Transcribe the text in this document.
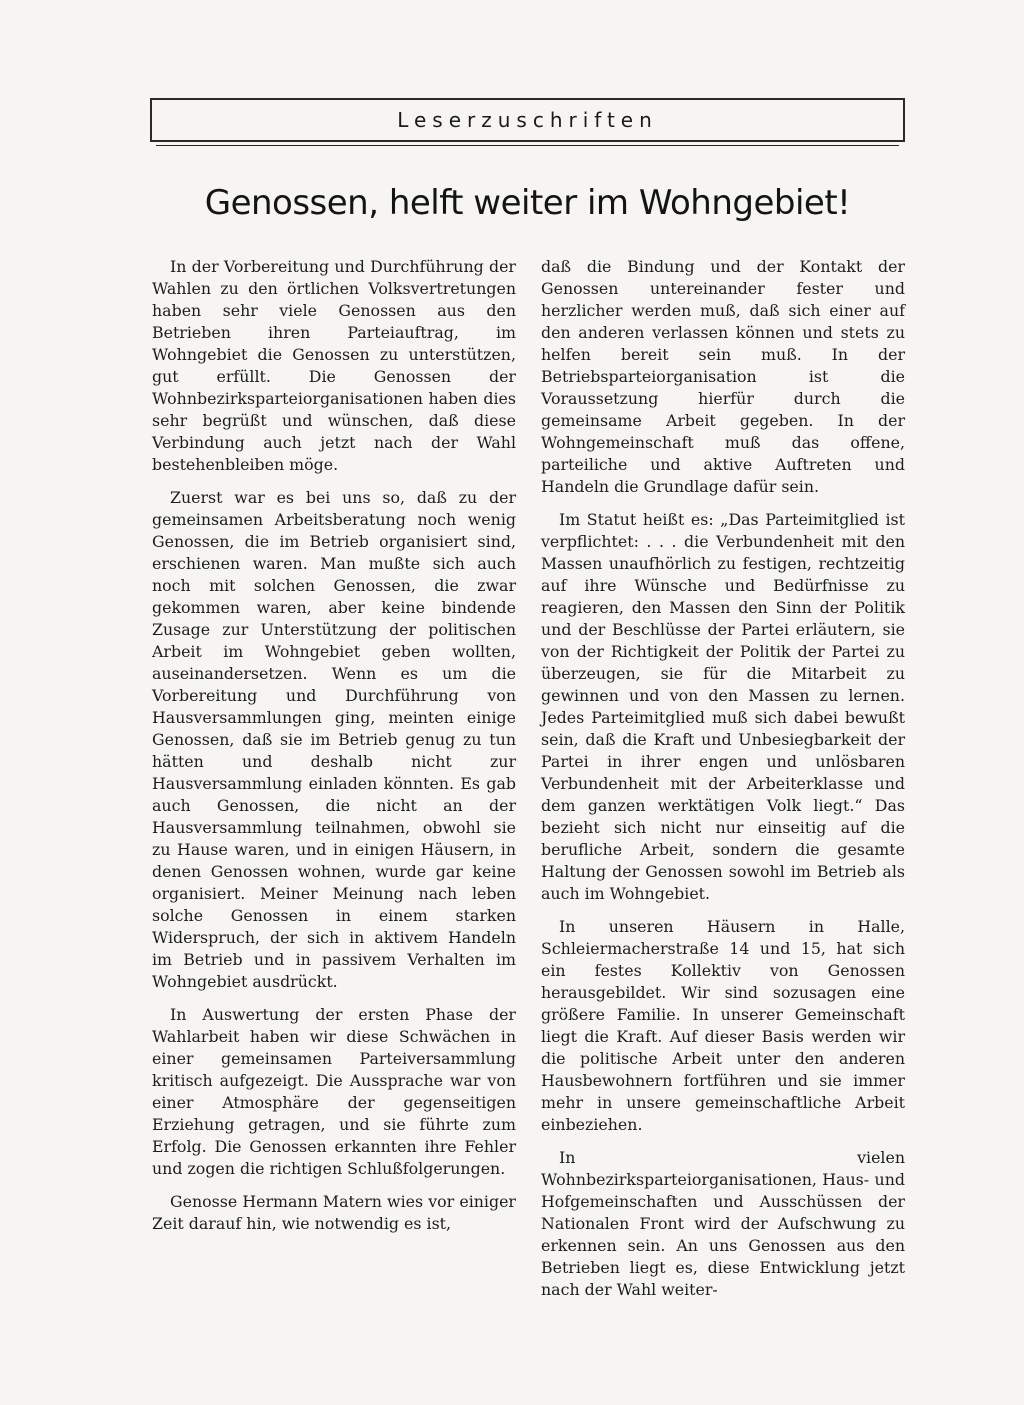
Leserzuschriften
Genossen, helft weiter im Wohngebiet!

In der Vorbereitung und Durchführung der Wahlen zu den örtlichen Volksvertretungen haben sehr viele Genossen aus den Betrieben ihren Parteiauftrag, im Wohngebiet die Genossen zu unterstützen, gut erfüllt. Die Genossen der Wohnbezirksparteiorganisationen haben dies sehr begrüßt und wünschen, daß diese Verbindung auch jetzt nach der Wahl bestehenbleiben möge.

Zuerst war es bei uns so, daß zu der gemeinsamen Arbeitsberatung noch wenig Genossen, die im Betrieb organisiert sind, erschienen waren. Man mußte sich auch noch mit solchen Genossen, die zwar gekommen waren, aber keine bindende Zusage zur Unterstützung der politischen Arbeit im Wohngebiet geben wollten, auseinandersetzen. Wenn es um die Vorbereitung und Durchführung von Hausversammlungen ging, meinten einige Genossen, daß sie im Betrieb genug zu tun hätten und deshalb nicht zur Hausversammlung einladen könnten. Es gab auch Genossen, die nicht an der Hausversammlung teilnahmen, obwohl sie zu Hause waren, und in einigen Häusern, in denen Genossen wohnen, wurde gar keine organisiert. Meiner Meinung nach leben solche Genossen in einem starken Widerspruch, der sich in aktivem Handeln im Betrieb und in passivem Verhalten im Wohngebiet ausdrückt.

In Auswertung der ersten Phase der Wahlarbeit haben wir diese Schwächen in einer gemeinsamen Parteiversammlung kritisch aufgezeigt. Die Aussprache war von einer Atmosphäre der gegenseitigen Erziehung getragen, und sie führte zum Erfolg. Die Genossen erkannten ihre Fehler und zogen die richtigen Schlußfolgerungen.

Genosse Hermann Matern wies vor einiger Zeit darauf hin, wie notwendig es ist,

daß die Bindung und der Kontakt der Genossen untereinander fester und herzlicher werden muß, daß sich einer auf den anderen verlassen können und stets zu helfen bereit sein muß. In der Betriebsparteiorganisation ist die Voraussetzung hierfür durch die gemeinsame Arbeit gegeben. In der Wohngemeinschaft muß das offene, parteiliche und aktive Auftreten und Handeln die Grundlage dafür sein.

Im Statut heißt es: „Das Parteimitglied ist verpflichtet: . . . die Verbundenheit mit den Massen unaufhörlich zu festigen, rechtzeitig auf ihre Wünsche und Bedürfnisse zu reagieren, den Massen den Sinn der Politik und der Beschlüsse der Partei erläutern, sie von der Richtigkeit der Politik der Partei zu überzeugen, sie für die Mitarbeit zu gewinnen und von den Massen zu lernen. Jedes Parteimitglied muß sich dabei bewußt sein, daß die Kraft und Unbesiegbarkeit der Partei in ihrer engen und unlösbaren Verbundenheit mit der Arbeiterklasse und dem ganzen werktätigen Volk liegt.“ Das bezieht sich nicht nur einseitig auf die berufliche Arbeit, sondern die gesamte Haltung der Genossen sowohl im Betrieb als auch im Wohngebiet.

In unseren Häusern in Halle, Schleiermacherstraße 14 und 15, hat sich ein festes Kollektiv von Genossen herausgebildet. Wir sind sozusagen eine größere Familie. In unserer Gemeinschaft liegt die Kraft. Auf dieser Basis werden wir die politische Arbeit unter den anderen Hausbewohnern fortführen und sie immer mehr in unsere gemeinschaftliche Arbeit einbeziehen.

In vielen Wohnbezirksparteiorganisationen, Haus- und Hofgemeinschaften und Ausschüssen der Nationalen Front wird der Aufschwung zu erkennen sein. An uns Genossen aus den Betrieben liegt es, diese Entwicklung jetzt nach der Wahl weiter-
